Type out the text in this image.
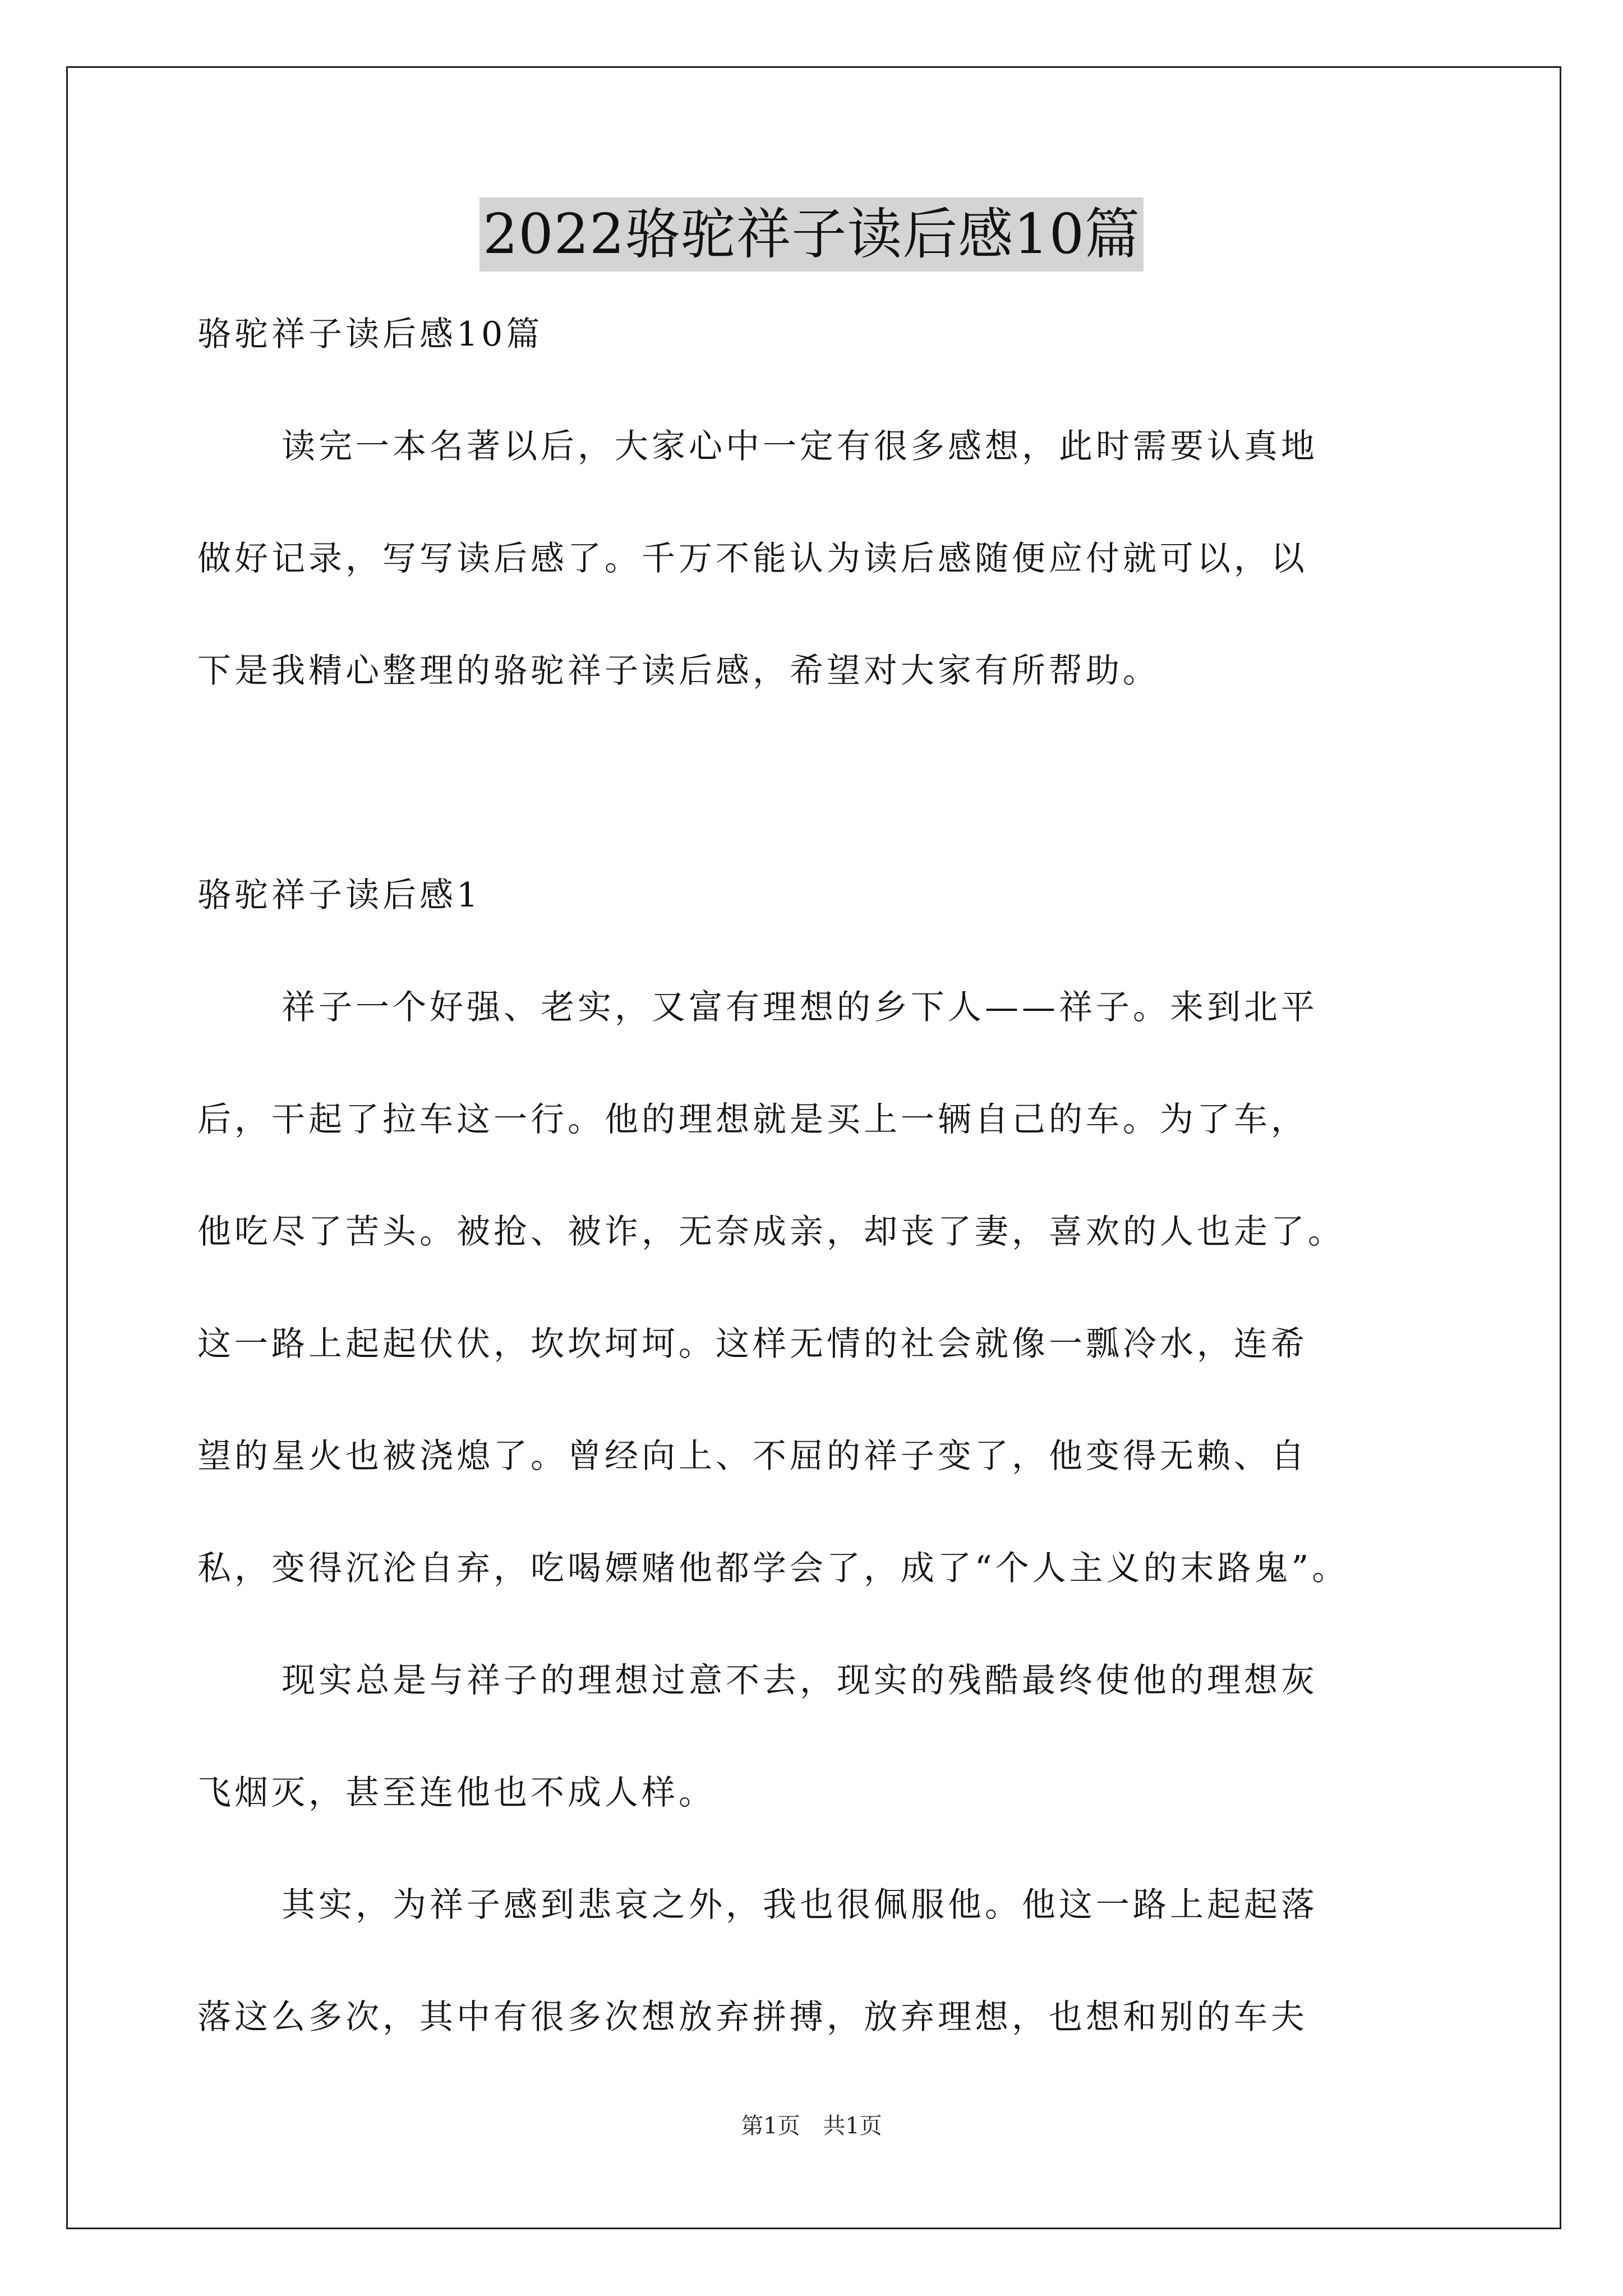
2022骆驼祥子读后感10篇
骆驼祥子读后感10篇
读完一本名著以后，大家心中一定有很多感想，此时需要认真地
做好记录，写写读后感了。千万不能认为读后感随便应付就可以，以
下是我精心整理的骆驼祥子读后感，希望对大家有所帮助。
骆驼祥子读后感1
祥子一个好强、老实，又富有理想的乡下人——祥子。来到北平
后，干起了拉车这一行。他的理想就是买上一辆自己的车。为了车，
他吃尽了苦头。被抢、被诈，无奈成亲，却丧了妻，喜欢的人也走了。
这一路上起起伏伏，坎坎坷坷。这样无情的社会就像一瓢冷水，连希
望的星火也被浇熄了。曾经向上、不屈的祥子变了，他变得无赖、自
私，变得沉沦自弃，吃喝嫖赌他都学会了，成了“个人主义的末路鬼”。
现实总是与祥子的理想过意不去，现实的残酷最终使他的理想灰
飞烟灭，甚至连他也不成人样。
其实，为祥子感到悲哀之外，我也很佩服他。他这一路上起起落
落这么多次，其中有很多次想放弃拼搏，放弃理想，也想和别的车夫
第1页 共1页
